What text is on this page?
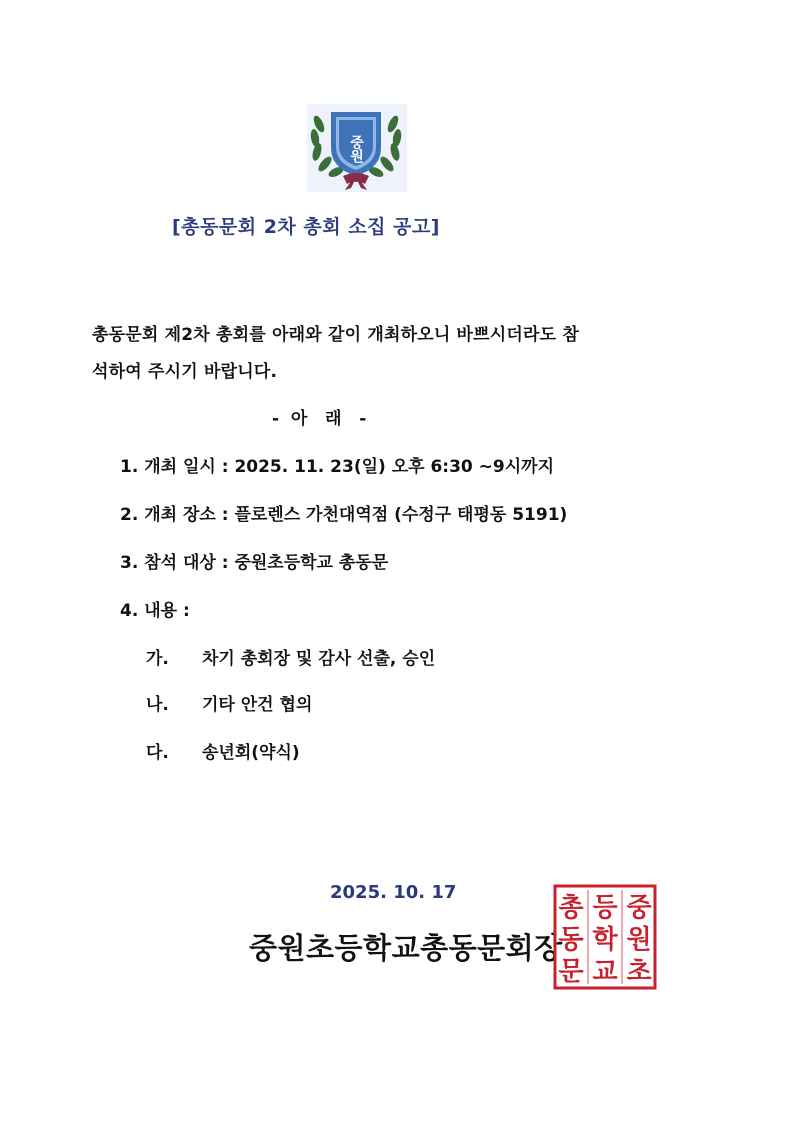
중원
[총동문회 2차 총회 소집 공고]
총동문회 제2차 총회를 아래와 같이 개최하오니 바쁘시더라도 참
석하여 주시기 바랍니다.
-  아   래   -
1. 개최 일시 : 2025. 11. 23(일) 오후 6:30 ~9시까지
2. 개최 장소 : 플로렌스 가천대역점 (수정구 태평동 5191)
3. 참석 대상 : 중원초등학교 총동문
4. 내용 :
가. 차기 총회장 및 감사 선출, 승인
나. 기타 안건 협의
다. 송년회(약식)
2025. 10. 17
중원초등학교총동문회장
중
원
초
등
학
교
총
동
문
